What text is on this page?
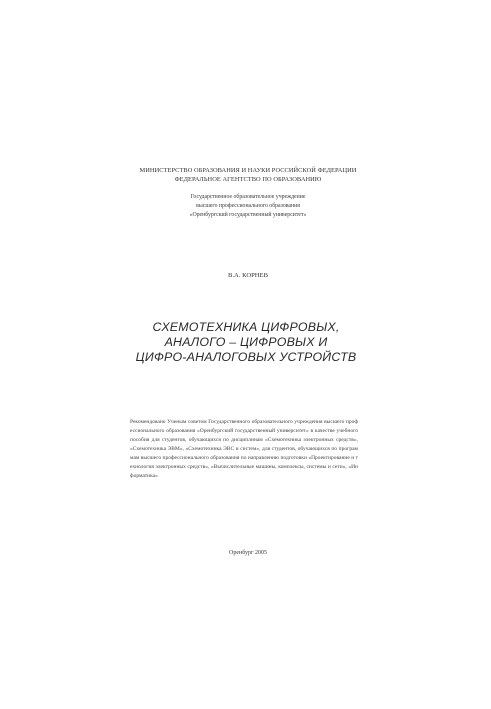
МИНИСТЕРСТВО ОБРАЗОВАНИЯ И НАУКИ РОССИЙСКОЙ ФЕДЕРАЦИИ
ФЕДЕРАЛЬНОЕ АГЕНТСТВО ПО ОБРАЗОВАНИЮ
Государственное образовательное учреждение
высшего профессионального образования
«Оренбургский государственный университет»
В.А. КОРНЕВ
СХЕМОТЕХНИКА ЦИФРОВЫХ,
АНАЛОГО – ЦИФРОВЫХ И
ЦИФРО-АНАЛОГОВЫХ УСТРОЙСТВ
Рекомендовано Ученым советом Государственного образовательного учреждения высшего профессионального образования «Оренбургский государственный университет» в качестве учебного пособия для студентов, обучающихся по дисциплинам «Схемотехника электронных средств», «Схемотехника ЭВМ», «Схемотехника ЭВС и систем», для студентов, обучающихся по программам высшего профессионального образования по направлению подготовки «Проектирование и технология электронных средств», «Вычислительные машины, комплексы, системы и сети», «Информатика»
Оренбург 2005
